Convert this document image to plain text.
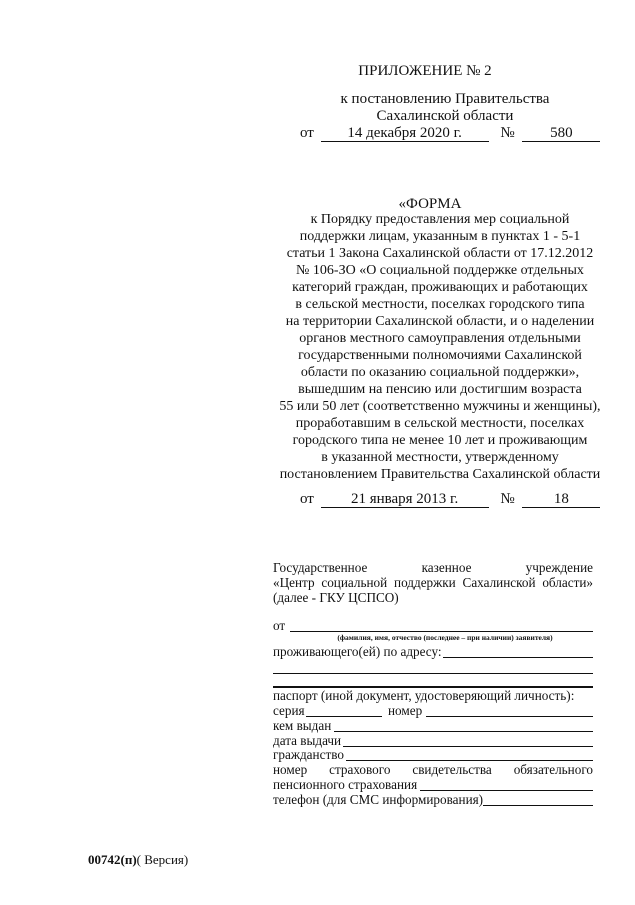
ПРИЛОЖЕНИЕ № 2
к постановлению Правительства
Сахалинской области
от 14 декабря 2020 г.	№ 580
«ФОРМА
к Порядку предоставления мер социальной
поддержки лицам, указанным в пунктах 1 - 5-1
статьи 1 Закона Сахалинской области от 17.12.2012
№ 106-ЗО «О социальной поддержке отдельных
категорий граждан, проживающих и работающих
в сельской местности, поселках городского типа
на территории Сахалинской области, и о наделении
органов местного самоуправления отдельными
государственными полномочиями Сахалинской
области по оказанию социальной поддержки»,
вышедшим на пенсию или достигшим возраста
55 или 50 лет (соответственно мужчины и женщины),
проработавшим в сельской местности, поселках
городского типа не менее 10 лет и проживающим
в указанной местности, утвержденному
постановлением Правительства Сахалинской области
от 21 января 2013 г.	№	18
Государственное казенное учреждение
«Центр социальной поддержки Сахалинской области»
(далее - ГКУ ЦСПСО)
от
(фамилия, имя, отчество (последнее – при наличии) заявителя)
проживающего(ей) по адресу:
паспорт (иной документ, удостоверяющий личность):
серия	номер
кем выдан
дата выдачи
гражданство
номер страхового свидетельства обязательного
пенсионного страхования
телефон (для СМС информирования)
00742(п)( Версия)
